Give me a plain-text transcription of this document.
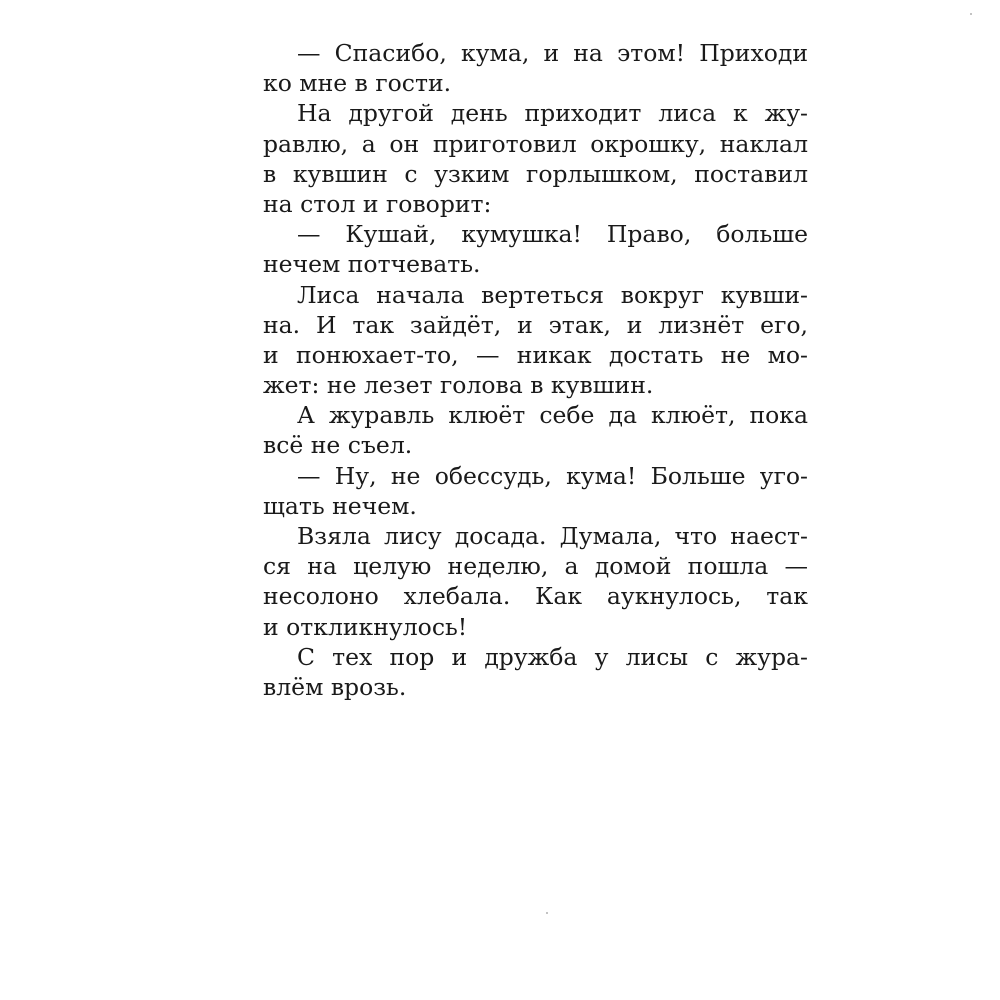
— Спасибо, кума, и на этом! Приходи
ко мне в гости.
На другой день приходит лиса к жу-
равлю, а он приготовил окрошку, наклал
в кувшин с узким горлышком, поставил
на стол и говорит:
— Кушай, кумушка! Право, больше
нечем потчевать.
Лиса начала вертеться вокруг кувши-
на. И так зайдёт, и этак, и лизнёт его,
и понюхает-то, — никак достать не мо-
жет: не лезет голова в кувшин.
А журавль клюёт себе да клюёт, пока
всё не съел.
— Ну, не обессудь, кума! Больше уго-
щать нечем.
Взяла лису досада. Думала, что наест-
ся на целую неделю, а домой пошла —
несолоно хлебала. Как аукнулось, так
и откликнулось!
С тех пор и дружба у лисы с жура-
влём врозь.
